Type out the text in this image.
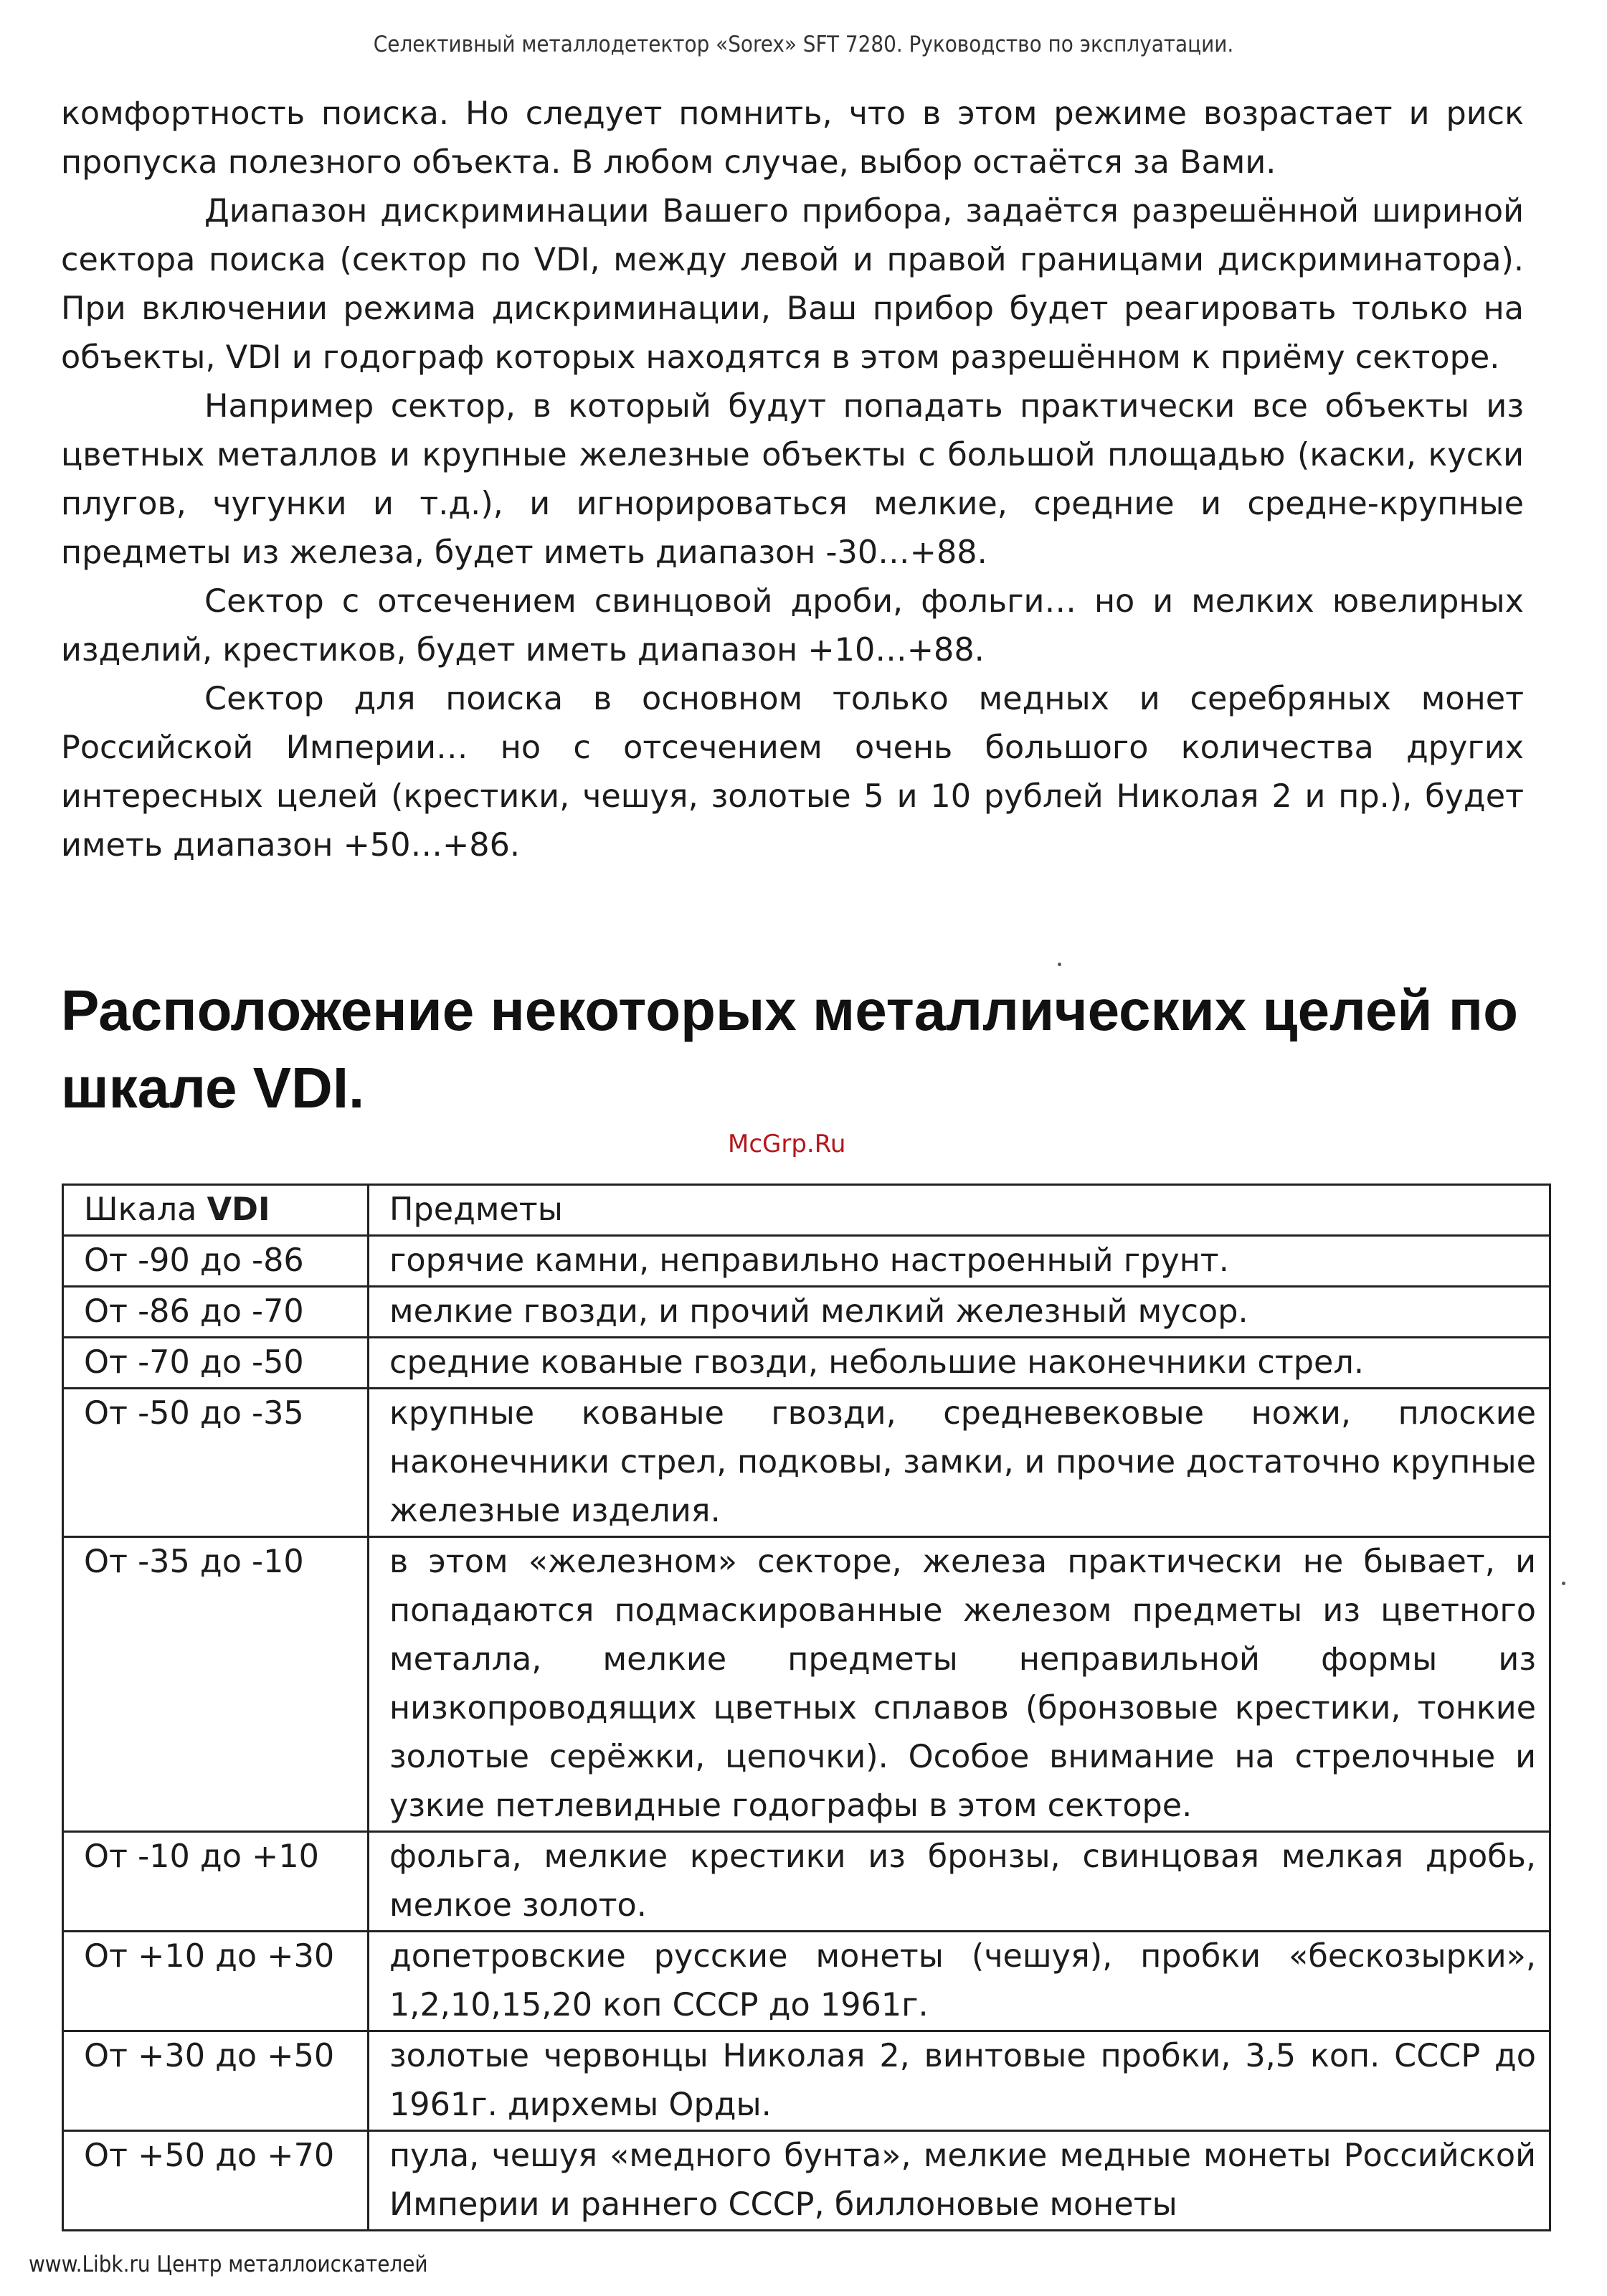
Селективный металлодетектор «Sorex» SFT 7280. Руководство по эксплуатации.

комфортность поиска. Но следует помнить, что в этом режиме возрастает и риск пропуска полезного объекта. В любом случае, выбор остаётся за Вами.

Диапазон дискриминации Вашего прибора, задаётся разрешённой шириной сектора поиска (сектор по VDI, между левой и правой границами дискриминатора). При включении режима дискриминации, Ваш прибор будет реагировать только на объекты, VDI и годограф которых находятся в этом разрешённом к приёму секторе.

Например сектор, в который будут попадать практически все объекты из цветных металлов и крупные железные объекты с большой площадью (каски, куски плугов, чугунки и т.д.), и игнорироваться мелкие, средние и средне-крупные предметы из железа, будет иметь диапазон -30…+88.

Сектор с отсечением свинцовой дроби, фольги… но и мелких ювелирных изделий, крестиков, будет иметь диапазон +10…+88.

Сектор для поиска в основном только медных и серебряных монет Российской Империи… но с отсечением очень большого количества других интересных целей (крестики, чешуя, золотые 5 и 10 рублей Николая 2 и пр.), будет иметь диапазон +50…+86.

Расположение некоторых металлических целей по шкале VDI.
McGrp.Ru
Шкала VDI	Предметы
От -90 до -86	горячие камни, неправильно настроенный грунт.
От -86 до -70	мелкие гвозди, и прочий мелкий железный мусор.
От -70 до -50	средние кованые гвозди, небольшие наконечники стрел.
От -50 до -35	крупные кованые гвозди, средневековые ножи, плоские наконечники стрел, подковы, замки, и прочие достаточно крупные железные изделия.
От -35 до -10	в этом «железном» секторе, железа практически не бывает, и попадаются подмаскированные железом предметы из цветного металла, мелкие предметы неправильной формы из низкопроводящих цветных сплавов (бронзовые крестики, тонкие золотые серёжки, цепочки). Особое внимание на стрелочные и узкие петлевидные годографы в этом секторе.
От -10 до +10	фольга, мелкие крестики из бронзы, свинцовая мелкая дробь, мелкое золото.
От +10 до +30	допетровские русские монеты (чешуя), пробки «бескозырки», 1,2,10,15,20 коп СССР до 1961г.
От +30 до +50	золотые червонцы Николая 2, винтовые пробки, 3,5 коп. СССР до 1961г. дирхемы Орды.
От +50 до +70	пула, чешуя «медного бунта», мелкие медные монеты Российской Империи и раннего СССР, биллоновые монеты
www.Libk.ru Центр металлоискателей
